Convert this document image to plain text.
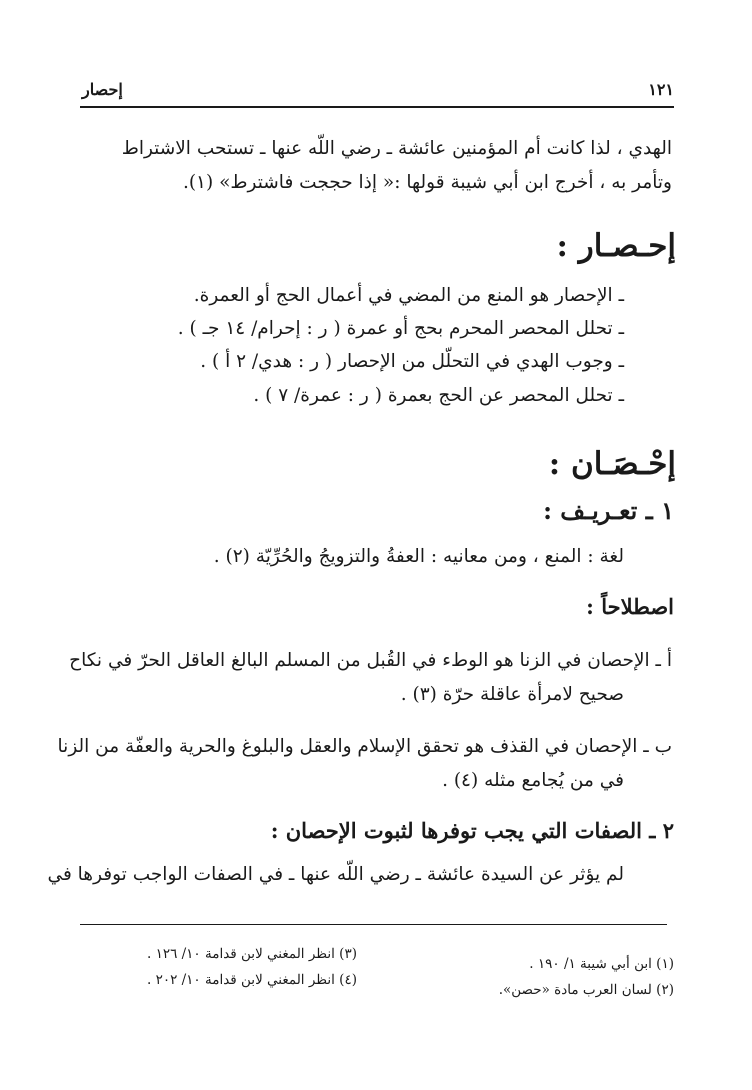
١٢١
إحصار
الهدي ، لذا كانت أم المؤمنين عائشة ـ رضي اللّه عنها ـ تستحب الاشتراط
وتأمر به ، أخرج ابن أبي شيبة قولها :« إذا حججت فاشترط» (١).
إحـصـار :
ـ الإحصار هو المنع من المضي في أعمال الحج أو العمرة.
ـ تحلل المحصر المحرم بحج أو عمرة ( ر : إحرام/ ١٤ جـ ) .
ـ وجوب الهدي في التحلّل من الإحصار ( ر : هدي/ ٢ أ ) .
ـ تحلل المحصر عن الحج بعمرة ( ر : عمرة/ ٧ ) .
إحْـصَـان :
١ ـ تعـريـف :
لغة : المنع ، ومن معانيه : العفةُ والتزويجُ والحُرِّيّة (٢) .
اصطلاحاً :
أ ـ الإحصان في الزنا هو الوطء في القُبل من المسلم البالغ العاقل الحرّ في نكاح
صحيح لامرأة عاقلة حرّة (٣) .
ب ـ الإحصان في القذف هو تحقق الإسلام والعقل والبلوغ والحرية والعفّة من الزنا
في من يُجامع مثله (٤) .
٢ ـ الصفات التي يجب توفرها لثبوت الإحصان :
لم يؤثر عن السيدة عائشة ـ رضي اللّه عنها ـ في الصفات الواجب توفرها في
(١) ابن أبي شيبة ١/ ١٩٠ .
(٢) لسان العرب مادة «حصن».
(٣) انظر المغني لابن قدامة ١٠/ ١٢٦ .
(٤) انظر المغني لابن قدامة ١٠/ ٢٠٢ .
